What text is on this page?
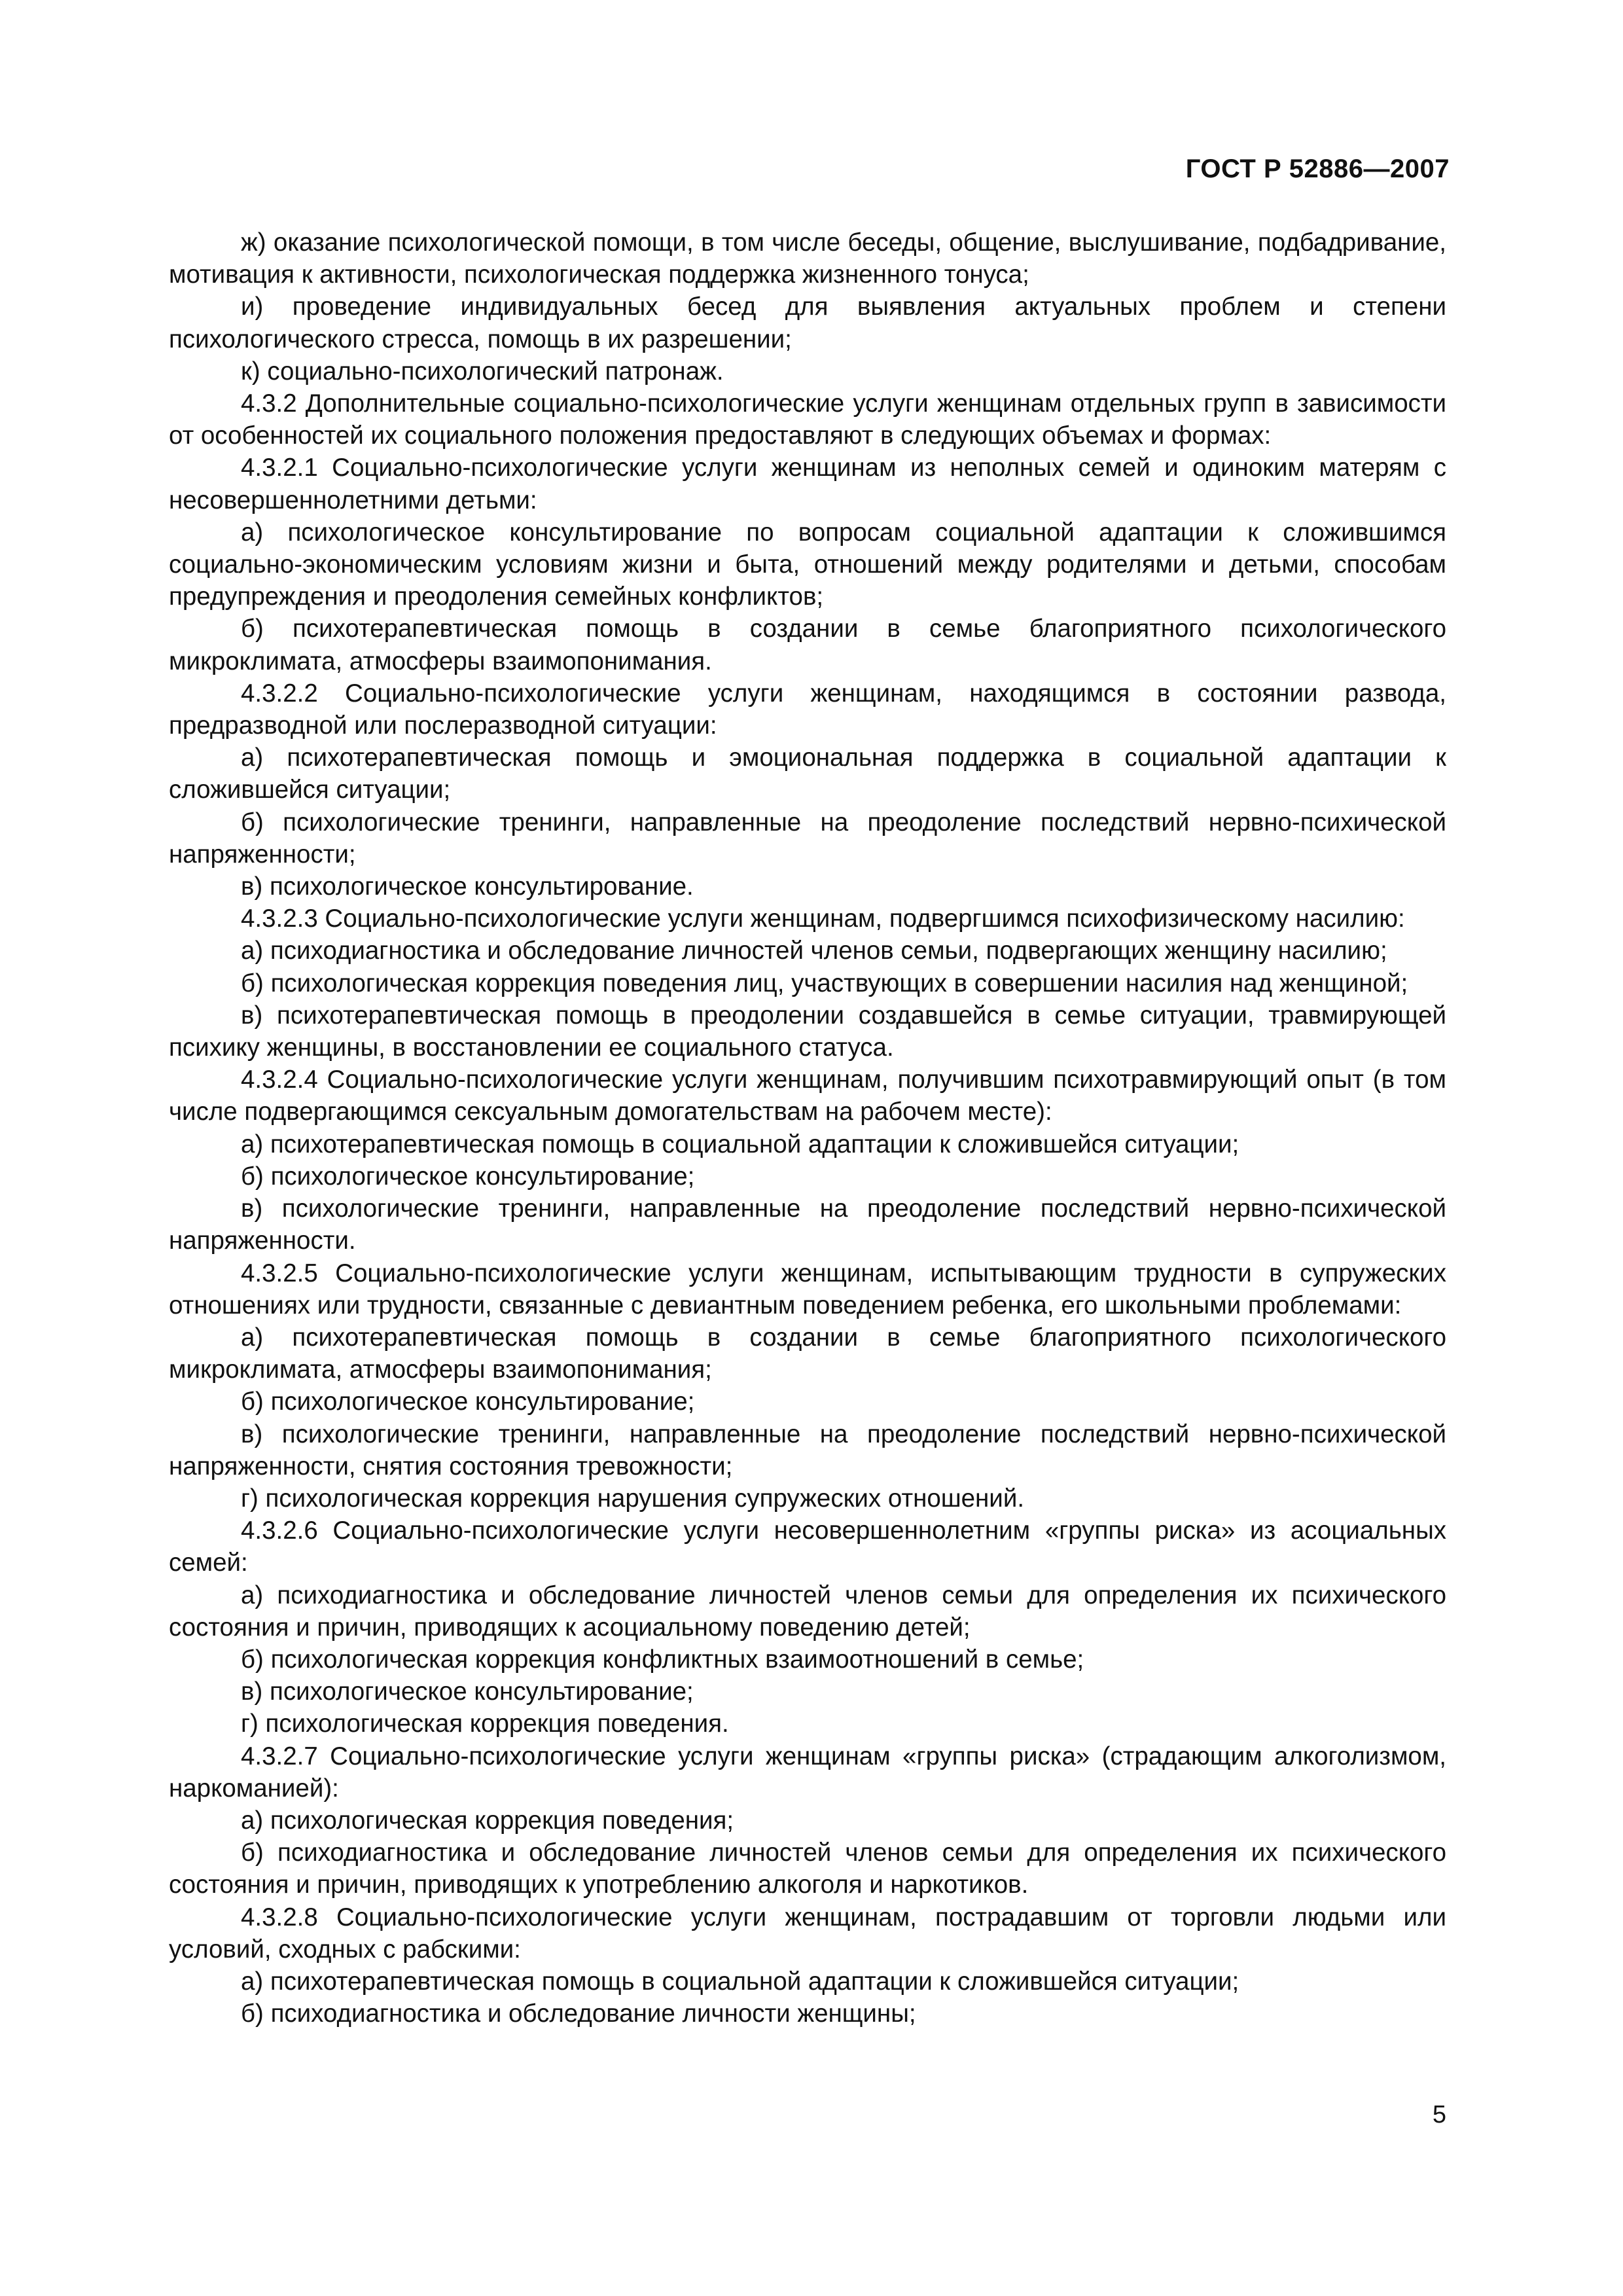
ГОСТ Р 52886—2007

ж) оказание психологической помощи, в том числе беседы, общение, выслушивание, подбадривание, мотивация к активности, психологическая поддержка жизненного тонуса;

и) проведение индивидуальных бесед для выявления актуальных проблем и степени психологического стресса, помощь в их разрешении;

к) социально-психологический патронаж.

4.3.2 Дополнительные социально-психологические услуги женщинам отдельных групп в зависимости от особенностей их социального положения предоставляют в следующих объемах и формах:

4.3.2.1 Социально-психологические услуги женщинам из неполных семей и одиноким матерям с несовершеннолетними детьми:

а) психологическое консультирование по вопросам социальной адаптации к сложившимся социально-экономическим условиям жизни и быта, отношений между родителями и детьми, способам предупреждения и преодоления семейных конфликтов;

б) психотерапевтическая помощь в создании в семье благоприятного психологического микроклимата, атмосферы взаимопонимания.

4.3.2.2 Социально-психологические услуги женщинам, находящимся в состоянии развода, предразводной или послеразводной ситуации:

а) психотерапевтическая помощь и эмоциональная поддержка в социальной адаптации к сложившейся ситуации;

б) психологические тренинги, направленные на преодоление последствий нервно-психической напряженности;

в) психологическое консультирование.

4.3.2.3 Социально-психологические услуги женщинам, подвергшимся психофизическому насилию:

а) психодиагностика и обследование личностей членов семьи, подвергающих женщину насилию;

б) психологическая коррекция поведения лиц, участвующих в совершении насилия над женщиной;

в) психотерапевтическая помощь в преодолении создавшейся в семье ситуации, травмирующей психику женщины, в восстановлении ее социального статуса.

4.3.2.4 Социально-психологические услуги женщинам, получившим психотравмирующий опыт (в том числе подвергающимся сексуальным домогательствам на рабочем месте):

а) психотерапевтическая помощь в социальной адаптации к сложившейся ситуации;

б) психологическое консультирование;

в) психологические тренинги, направленные на преодоление последствий нервно-психической напряженности.

4.3.2.5 Социально-психологические услуги женщинам, испытывающим трудности в супружеских отношениях или трудности, связанные с девиантным поведением ребенка, его школьными проблемами:

а) психотерапевтическая помощь в создании в семье благоприятного психологического микроклимата, атмосферы взаимопонимания;

б) психологическое консультирование;

в) психологические тренинги, направленные на преодоление последствий нервно-психической напряженности, снятия состояния тревожности;

г) психологическая коррекция нарушения супружеских отношений.

4.3.2.6 Социально-психологические услуги несовершеннолетним «группы риска» из асоциальных семей:

а) психодиагностика и обследование личностей членов семьи для определения их психического состояния и причин, приводящих к асоциальному поведению детей;

б) психологическая коррекция конфликтных взаимоотношений в семье;

в) психологическое консультирование;

г) психологическая коррекция поведения.

4.3.2.7 Социально-психологические услуги женщинам «группы риска» (страдающим алкоголизмом, наркоманией):

а) психологическая коррекция поведения;

б) психодиагностика и обследование личностей членов семьи для определения их психического состояния и причин, приводящих к употреблению алкоголя и наркотиков.

4.3.2.8 Социально-психологические услуги женщинам, пострадавшим от торговли людьми или условий, сходных с рабскими:

а) психотерапевтическая помощь в социальной адаптации к сложившейся ситуации;

б) психодиагностика и обследование личности женщины;

5
